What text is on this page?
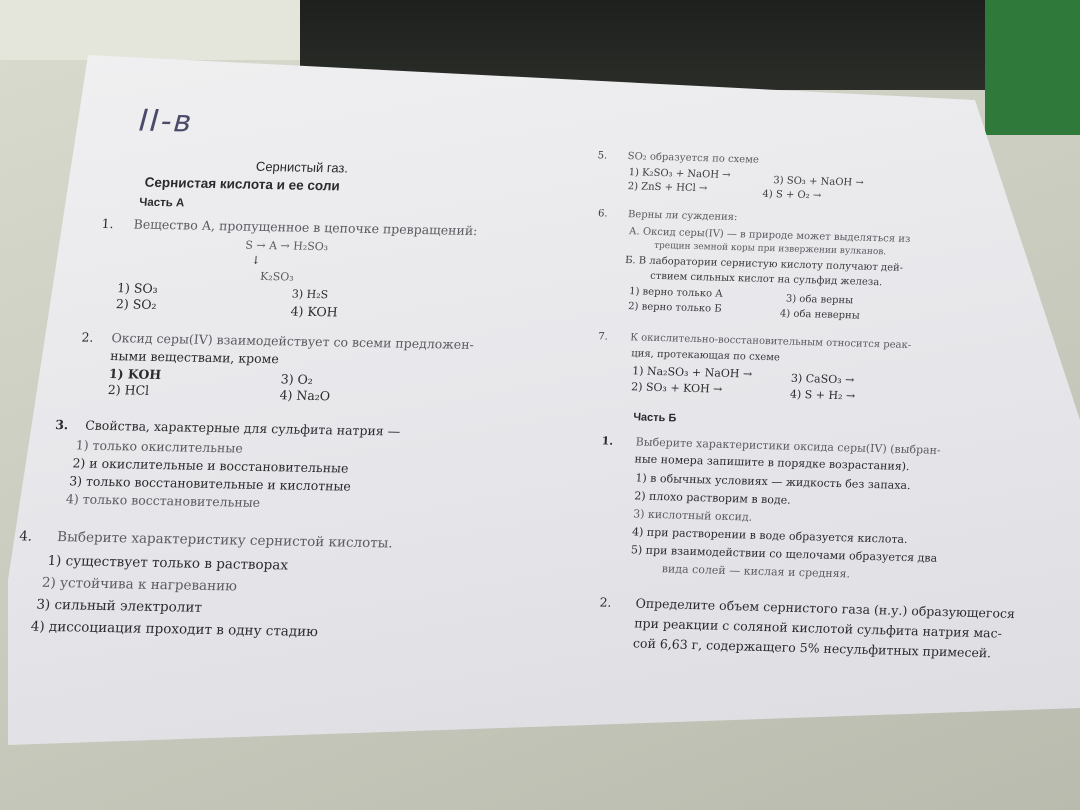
II-в
Сернистый газ.
Сернистая кислота и ее соли
Часть А
1. Вещество А, пропущенное в цепочке превращений:
S → A → H₂SO₃
↓
K₂SO₃
1) SO₃
2) SO₂
3) H₂S
4) KOH
2. Оксид серы(IV) взаимодействует со всеми предложен-
ными веществами, кроме
1) KOH
2) HCl
3) O₂
4) Na₂O
3. Свойства, характерные для сульфита натрия —
1) только окислительные
2) и окислительные и восстановительные
3) только восстановительные и кислотные
4) только восстановительные
4. Выберите характеристику сернистой кислоты.
1) существует только в растворах
2) устойчива к нагреванию
3) сильный электролит
4) диссоциация проходит в одну стадию
5. SO₂ образуется по схеме
1) K₂SO₃ + NaOH →
2) ZnS + HCl →	3) SO₃ + NaOH →
4) S + O₂ →
6. Верны ли суждения:
А. Оксид серы(IV) — в природе может выделяться из
трещин земной коры при извержении вулканов.
Б. В лаборатории сернистую кислоту получают дей-
ствием сильных кислот на сульфид железа.
1) верно только А
2) верно только Б
3) оба верны
4) оба неверны
7. К окислительно-восстановительным относится реак-
ция, протекающая по схеме
1) Na₂SO₃ + NaOH →
2) SO₃ + KOH →
3) CaSO₃ →
4) S + H₂ →
Часть Б
1. Выберите характеристики оксида серы(IV) (выбран-
ные номера запишите в порядке возрастания).
1) в обычных условиях — жидкость без запаха.
2) плохо растворим в воде.
3) кислотный оксид.
4) при растворении в воде образуется кислота.
5) при взаимодействии со щелочами образуется два
вида солей — кислая и средняя.
2. Определите объем сернистого газа (н.у.) образующегося
при реакции с соляной кислотой сульфита натрия мас-
сой 6,63 г, содержащего 5% несульфитных примесей.
